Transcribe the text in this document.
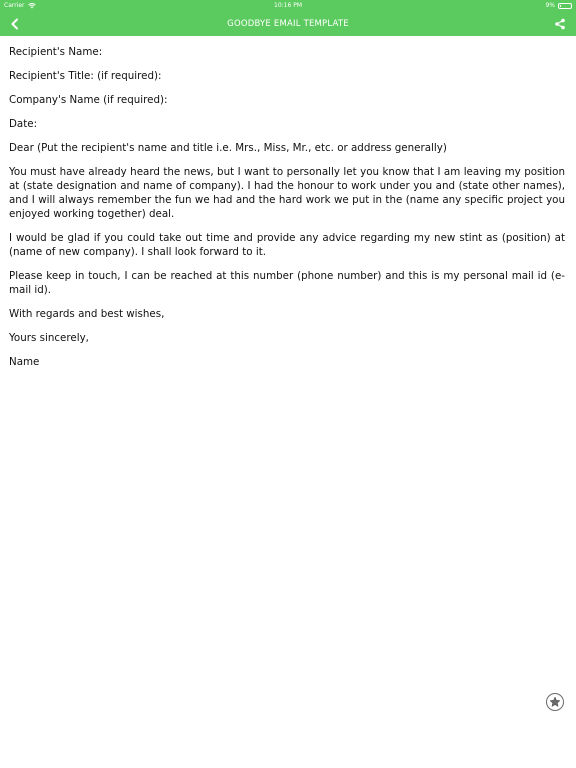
Carrier	10:16 PM	9%
GOODBYE EMAIL TEMPLATE

Recipient's Name:

Recipient's Title: (if required):

Company's Name (if required):

Date:

Dear (Put the recipient's name and title i.e. Mrs., Miss, Mr., etc. or address generally)

You must have already heard the news, but I want to personally let you know that I am leaving my position at (state designation and name of company). I had the honour to work under you and (state other names), and I will always remember the fun we had and the hard work we put in the (name any specific project you enjoyed working together) deal.

I would be glad if you could take out time and provide any advice regarding my new stint as (position) at (name of new company). I shall look forward to it.

Please keep in touch, I can be reached at this number (phone number) and this is my personal mail id (e-mail id).

With regards and best wishes,

Yours sincerely,

Name
